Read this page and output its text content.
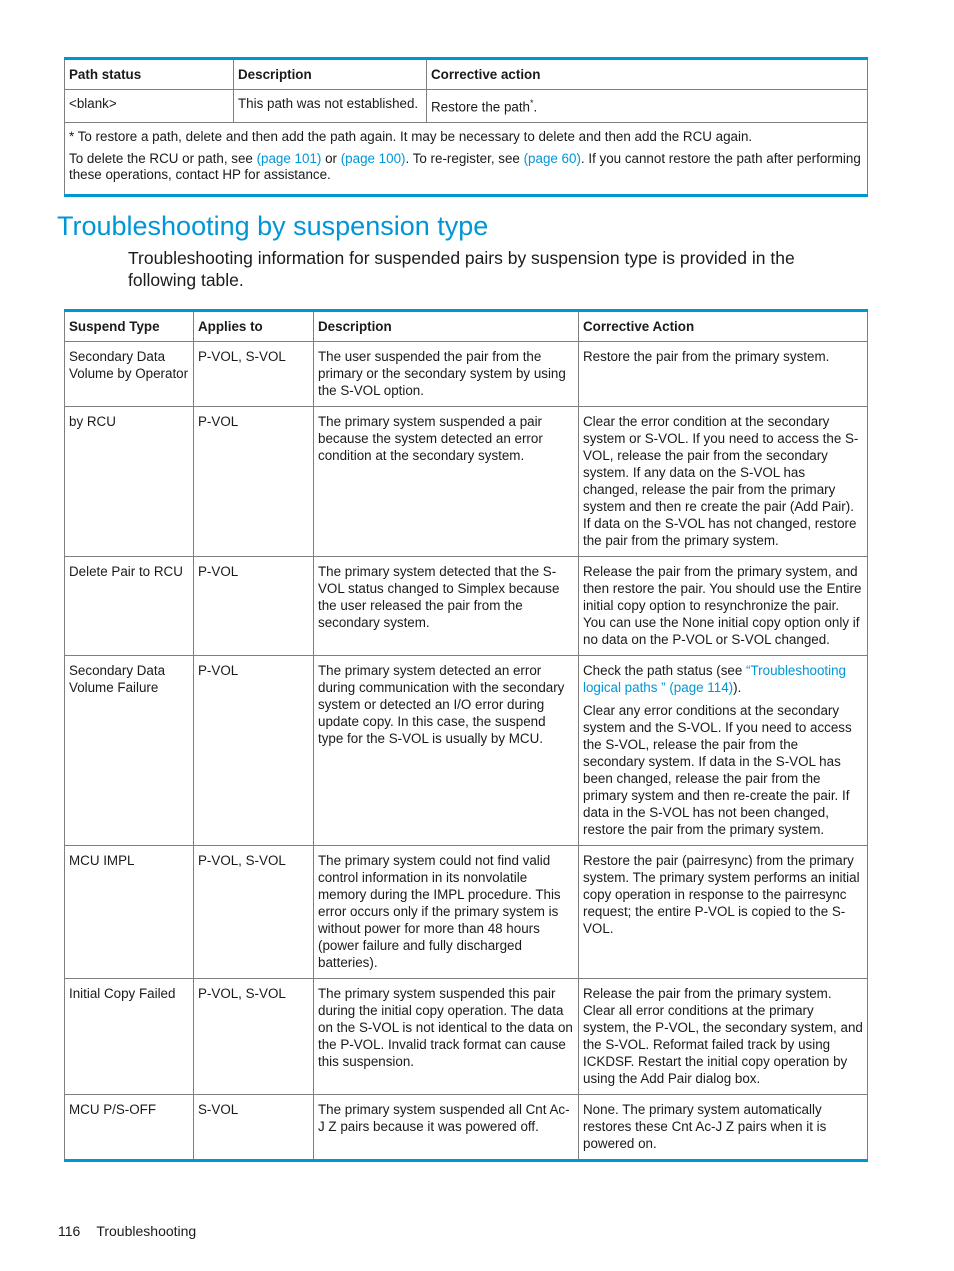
Path status	Description	Corrective action
<blank>	This path was not established.	Restore the path*.

* To restore a path, delete and then add the path again. It may be necessary to delete and then add the RCU again.

To delete the RCU or path, see (page 101) or (page 100). To re-register, see (page 60). If you cannot restore the path after performing these operations, contact HP for assistance.		

Troubleshooting by suspension type

Troubleshooting information for suspended pairs by suspension type is provided in the following table.

Suspend Type	Applies to	Description	Corrective Action
Secondary Data Volume by Operator	P-VOL, S-VOL	The user suspended the pair from the primary or the secondary system by using the S-VOL option.	Restore the pair from the primary system.
by RCU	P-VOL	The primary system suspended a pair because the system detected an error condition at the secondary system.	Clear the error condition at the secondary system or S-VOL. If you need to access the S-VOL, release the pair from the secondary system. If any data on the S-VOL has changed, release the pair from the primary system and then re create the pair (Add Pair). If data on the S-VOL has not changed, restore the pair from the primary system.
Delete Pair to RCU	P-VOL	The primary system detected that the S-VOL status changed to Simplex because the user released the pair from the secondary system.	Release the pair from the primary system, and then restore the pair. You should use the Entire initial copy option to resynchronize the pair. You can use the None initial copy option only if no data on the P-VOL or S-VOL changed.
Secondary Data Volume Failure	P-VOL	The primary system detected an error during communication with the secondary system or detected an I/O error during update copy. In this case, the suspend type for the S-VOL is usually by MCU.	Check the path status (see “Troubleshooting logical paths ” (page 114)).

Clear any error conditions at the secondary system and the S-VOL. If you need to access the S-VOL, release the pair from the secondary system. If data in the S-VOL has been changed, release the pair from the primary system and then re-create the pair. If data in the S-VOL has not been changed, restore the pair from the primary system.

MCU IMPL	P-VOL, S-VOL	The primary system could not find valid control information in its nonvolatile memory during the IMPL procedure. This error occurs only if the primary system is without power for more than 48 hours (power failure and fully discharged batteries).	Restore the pair (pairresync) from the primary system. The primary system performs an initial copy operation in response to the pairresync request; the entire P-VOL is copied to the S-VOL.
Initial Copy Failed	P-VOL, S-VOL	The primary system suspended this pair during the initial copy operation. The data on the S-VOL is not identical to the data on the P-VOL. Invalid track format can cause this suspension.	Release the pair from the primary system. Clear all error conditions at the primary system, the P-VOL, the secondary system, and the S-VOL. Reformat failed track by using ICKDSF. Restart the initial copy operation by using the Add Pair dialog box.
MCU P/S-OFF	S-VOL	The primary system suspended all Cnt Ac-J Z pairs because it was powered off.	None. The primary system automatically restores these Cnt Ac-J Z pairs when it is powered on.
116 Troubleshooting
